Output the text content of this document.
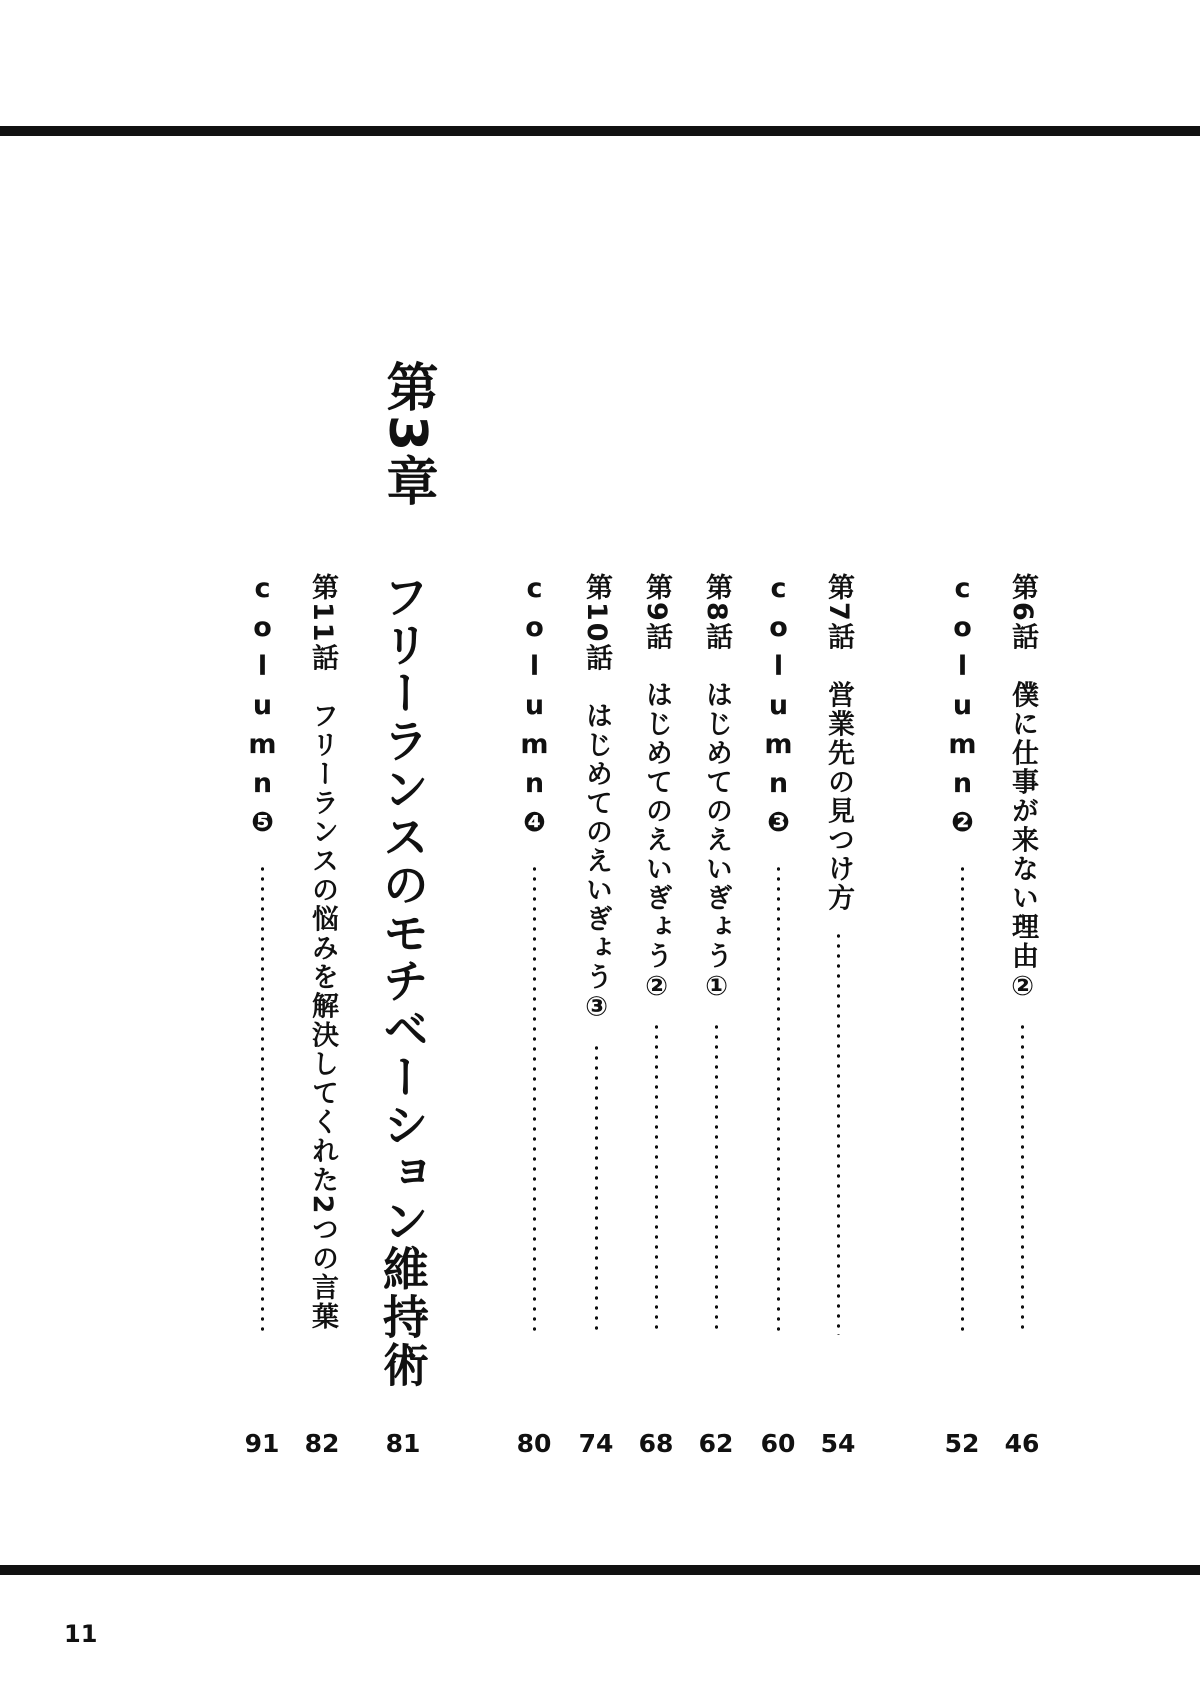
第3章
第6話　僕に仕事が来ない理由②
46
column❷
52
第7話　営業先の見つけ方
54
column❸
60
第8話　はじめてのえいぎょう①
62
第9話　はじめてのえいぎょう②
68
第10話　はじめてのえいぎょう③
74
column❹
80
フリーランスのモチベーション維持術
81
第11話　フリーランスの悩みを解決してくれた2つの言葉
82
column❺
91
11
